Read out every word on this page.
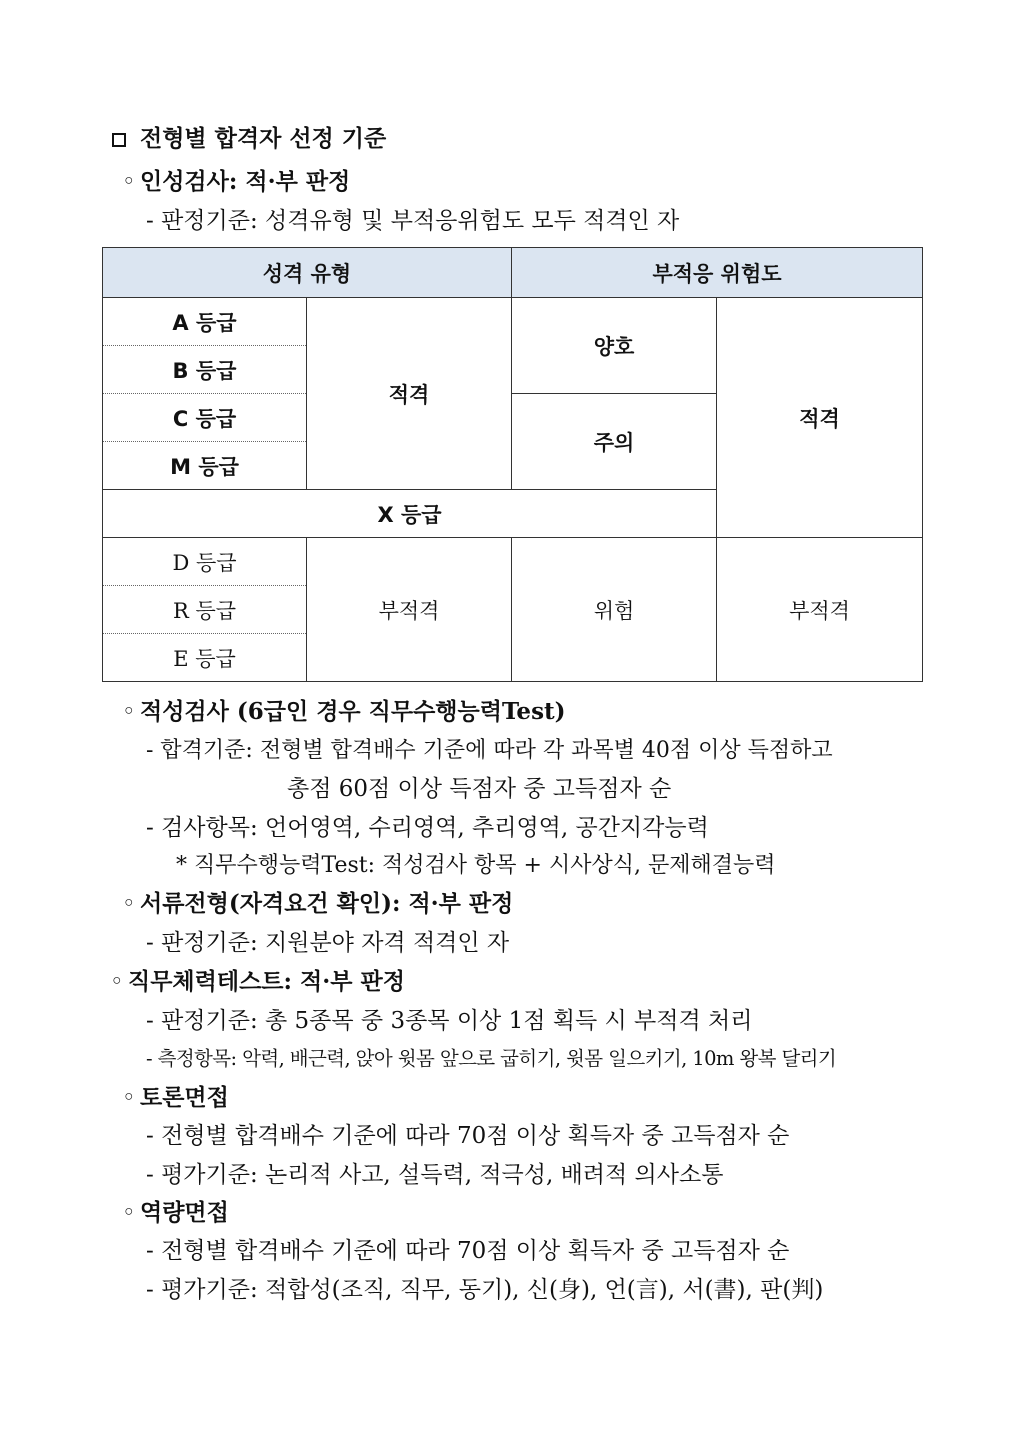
전형별 합격자 선정 기준
◦ 인성검사: 적·부 판정
- 판정기준: 성격유형 및 부적응위험도 모두 적격인 자
성격 유형		부적응 위험도	
A 등급	적격	양호	적격
B 등급			
C 등급		주의	
M 등급			
X 등급			
D 등급	부적격	위험	부적격
R 등급			
E 등급			
◦ 적성검사 (6급인 경우 직무수행능력Test)
- 합격기준: 전형별 합격배수 기준에 따라 각 과목별 40점 이상 득점하고
총점 60점 이상 득점자 중 고득점자 순
- 검사항목: 언어영역, 수리영역, 추리영역, 공간지각능력
* 직무수행능력Test: 적성검사 항목 + 시사상식, 문제해결능력
◦ 서류전형(자격요건 확인): 적·부 판정
- 판정기준: 지원분야 자격 적격인 자
◦ 직무체력테스트: 적·부 판정
- 판정기준: 총 5종목 중 3종목 이상 1점 획득 시 부적격 처리
- 측정항목: 악력, 배근력, 앉아 윗몸 앞으로 굽히기, 윗몸 일으키기, 10m 왕복 달리기
◦ 토론면접
- 전형별 합격배수 기준에 따라 70점 이상 획득자 중 고득점자 순
- 평가기준: 논리적 사고, 설득력, 적극성, 배려적 의사소통
◦ 역량면접
- 전형별 합격배수 기준에 따라 70점 이상 획득자 중 고득점자 순
- 평가기준: 적합성(조직, 직무, 동기), 신(身), 언(言), 서(書), 판(判)
